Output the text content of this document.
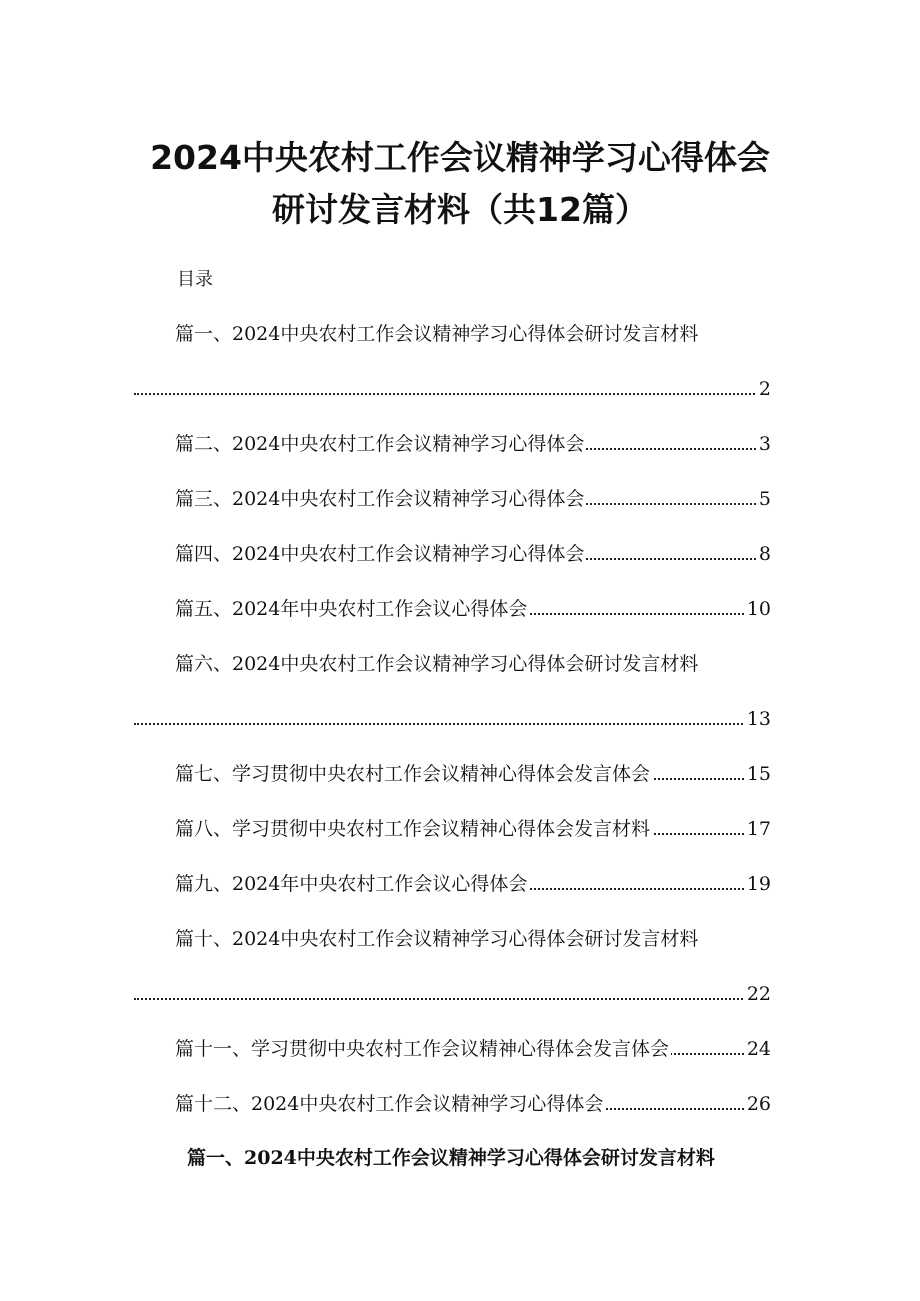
2024中央农村工作会议精神学习心得体会
研讨发言材料（共12篇）
目录
篇一、2024中央农村工作会议精神学习心得体会研讨发言材料
2
篇二、2024中央农村工作会议精神学习心得体会	3
篇三、2024中央农村工作会议精神学习心得体会	5
篇四、2024中央农村工作会议精神学习心得体会	8
篇五、2024年中央农村工作会议心得体会	10
篇六、2024中央农村工作会议精神学习心得体会研讨发言材料
13
篇七、学习贯彻中央农村工作会议精神心得体会发言体会	15
篇八、学习贯彻中央农村工作会议精神心得体会发言材料	17
篇九、2024年中央农村工作会议心得体会	19
篇十、2024中央农村工作会议精神学习心得体会研讨发言材料
22
篇十一、学习贯彻中央农村工作会议精神心得体会发言体会	24
篇十二、2024中央农村工作会议精神学习心得体会	26
篇一、2024中央农村工作会议精神学习心得体会研讨发言材料
